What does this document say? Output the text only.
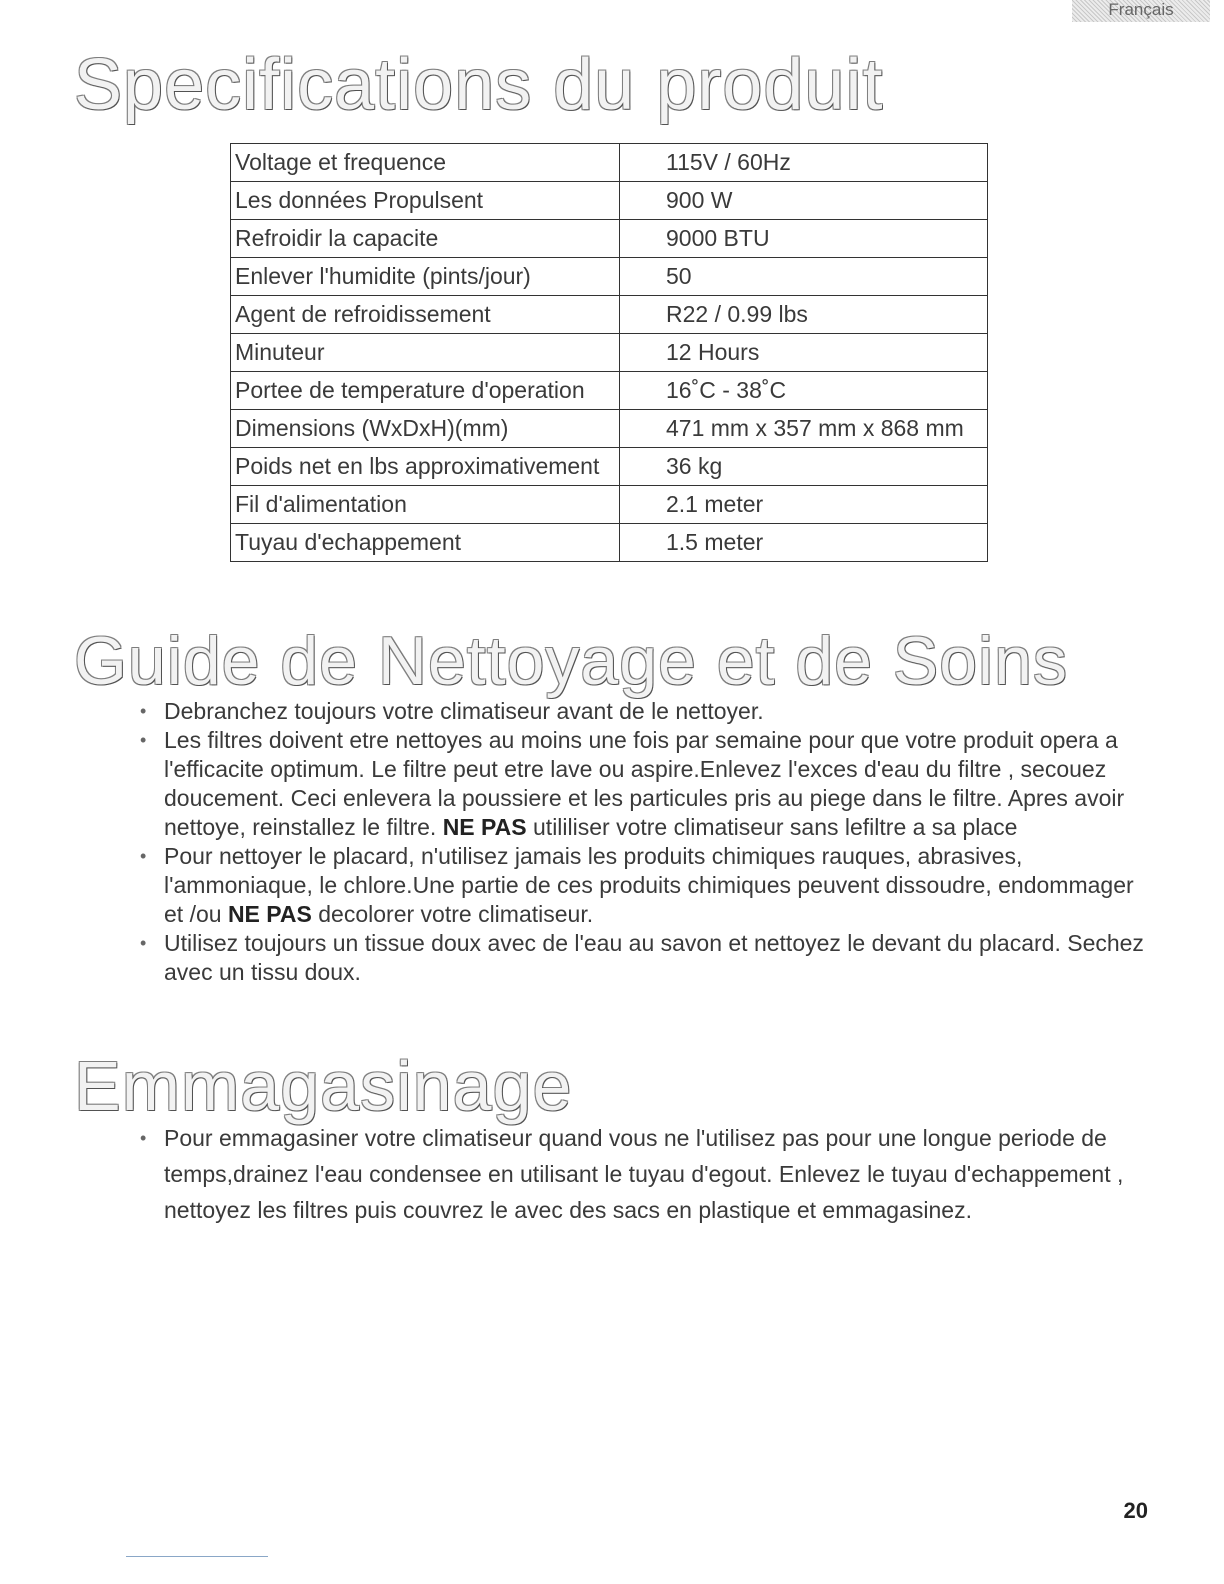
Français
Specifications du produit
Voltage et frequence	115V / 60Hz
Les données Propulsent	900 W
Refroidir la capacite	9000 BTU
Enlever l'humidite (pints/jour)	50
Agent de refroidissement	R22 / 0.99 lbs
Minuteur	12 Hours
Portee de temperature d'operation	16˚C - 38˚C
Dimensions (WxDxH)(mm)	471 mm x 357 mm x 868 mm
Poids net en lbs approximativement	36 kg
Fil d'alimentation	2.1 meter
Tuyau d'echappement	1.5 meter
Guide de Nettoyage et de Soins
• Debranchez toujours votre climatiseur avant de le nettoyer.
• Les filtres doivent etre nettoyes au moins une fois par semaine pour que votre produit opera a l'efficacite optimum. Le filtre peut etre lave ou aspire.Enlevez l'exces d'eau du filtre , secouez doucement. Ceci enlevera la poussiere et les particules pris au piege dans le filtre. Apres avoir nettoye, reinstallez le filtre. NE PAS utililiser votre climatiseur sans lefiltre a sa place
• Pour nettoyer le placard, n'utilisez jamais les produits chimiques rauques, abrasives, l'ammoniaque, le chlore.Une partie de ces produits chimiques peuvent dissoudre, endommager et /ou NE PAS decolorer votre climatiseur.
• Utilisez toujours un tissue doux avec de l'eau au savon et nettoyez le devant du placard. Sechez avec un tissu doux.
Emmagasinage
• Pour emmagasiner votre climatiseur quand vous ne l'utilisez pas pour une longue periode de temps,drainez l'eau condensee en utilisant le tuyau d'egout. Enlevez le tuyau d'echappement , nettoyez les filtres puis couvrez le avec des sacs en plastique et emmagasinez.
20
